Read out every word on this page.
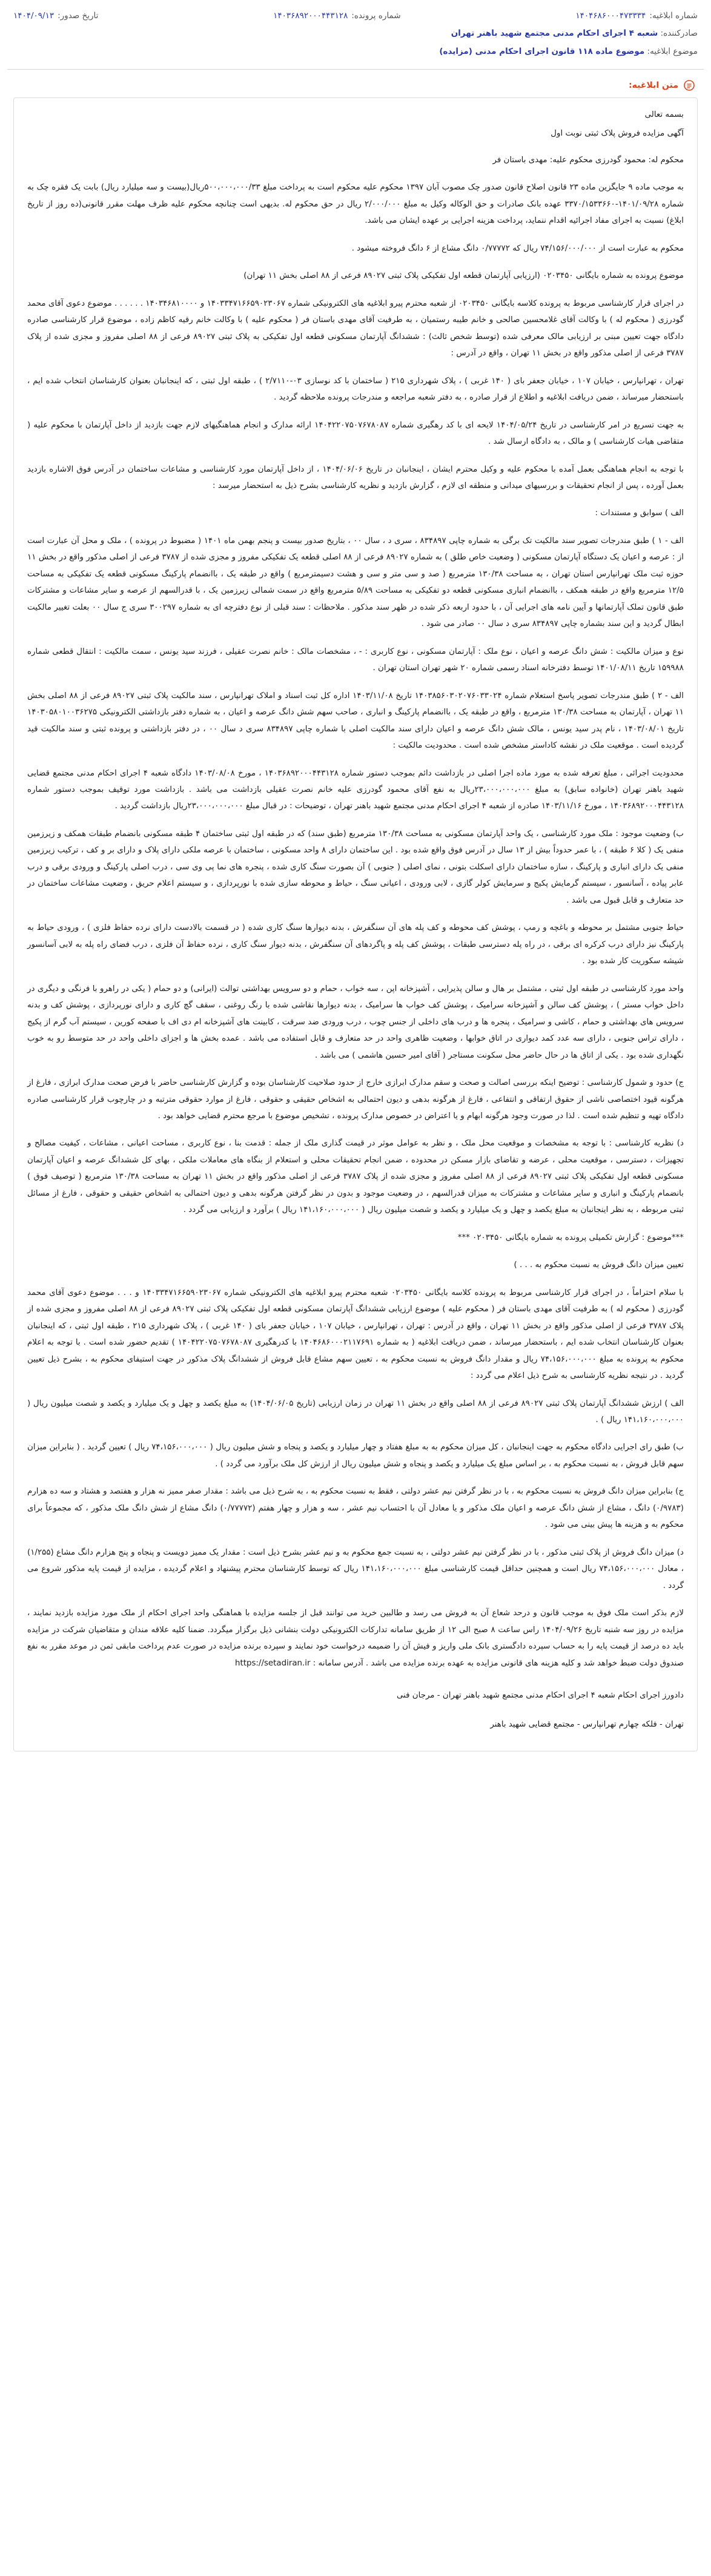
شماره ابلاغیه:
۱۴۰۴۶۸۶۰۰۰۴۷۳۳۳۴
شماره پرونده:
۱۴۰۳۶۸۹۲۰۰۰۴۴۳۱۲۸
تاریخ صدور:
۱۴۰۴/۰۹/۱۳
صادرکننده: شعبه ۴ اجرای احکام مدنی مجتمع شهید باهنر تهران
موضوع ابلاغیه: موضوع ماده ۱۱۸ قانون اجرای احکام مدنی (مزایده)
متن ابلاغیه:

بسمه تعالی

آگهی مزایده فروش پلاک ثبتی نوبت اول

محکوم له: محمود گودرزی محکوم علیه: مهدی باستان فر

به موجب ماده ۹ جایگزین ماده ۲۳ قانون اصلاح قانون صدور چک مصوب آبان ۱۳۹۷ محکوم علیه محکوم است به پرداخت مبلغ ۵۰۰،۰۰۰،۰۰۰/۳۳ریال(بیست و سه میلیارد ریال) بابت یک فقره چک به شماره ۱۴۰۱/۰۹/۲۸-۳۳۷۰/۱۵۳۳۶۶۰ عهده بانک صادرات و حق الوکاله وکیل به مبلغ ۲/۰۰۰/۰۰۰ ریال در حق محکوم له. بدیهی است چنانچه محکوم علیه ظرف مهلت مقرر قانونی(ده روز از تاریخ ابلاغ) نسبت به اجرای مفاد اجرائیه اقدام ننماید، پرداخت هزینه اجرایی بر عهده ایشان می باشد.

محکوم به عبارت است از ۷۴/۱۵۶/۰۰۰/۰۰۰ ریال که ۰/۷۷۷۷۲ دانگ مشاع از ۶ دانگ فروخته میشود .

موضوع پرونده به شماره بایگانی ۰۲۰۳۴۵۰ (ارزیابی آپارتمان قطعه اول تفکیکی پلاک ثبتی ۸۹۰۲۷ فرعی از ۸۸ اصلی بخش ۱۱ تهران)

در اجرای قرار کارشناسی مربوط به پرونده کلاسه بایگانی ۰۲۰۳۴۵۰ از شعبه محترم پیرو ابلاغیه های الکترونیکی شماره ۱۴۰۳۳۴۷۱۶۶۵۹۰۲۳۰۶۷ و ۱۴۰۳۴۶۸۱۰۰۰۰ . . . . . . موضوع دعوی آقای محمد گودرزی ( محکوم له ) با وکالت آقای غلامحسین صالحی و خانم طیبه رستمیان ، به طرفیت آقای مهدی باستان فر ( محکوم علیه ) با وکالت خانم رقیه کاظم زاده ، موضوع قرار کارشناسی صادره دادگاه جهت تعیین مبنی بر ارزیابی مالک معرفی شده (توسط شخص ثالث) : ششدانگ آپارتمان مسکونی قطعه اول تفکیکی به پلاک ثبتی ۸۹۰۲۷ فرعی از ۸۸ اصلی مفروز و مجزی شده از پلاک ۳۷۸۷ فرعی از اصلی مذکور واقع در بخش ۱۱ تهران ، واقع در آدرس :

تهران ، تهرانپارس ، خیابان ۱۰۷ ، خیابان جعفر بای ( ۱۴۰ غربی ) ، پلاک شهرداری ۲۱۵ ( ساختمان با کد نوسازی ۰۳-۲/۷۱۱۰ ) ، طبقه اول ثبتی ، که اینجانبان بعنوان کارشناسان انتخاب شده ایم ، باستحضار میرساند ، ضمن دریافت ابلاغیه و اطلاع از قرار صادره ، به دفتر شعبه مراجعه و مندرجات پرونده ملاحظه گردید .

به جهت تسریع در امر کارشناسی در تاریخ ۱۴۰۴/۰۵/۲۴ لایحه ای با کد رهگیری شماره ۱۴۰۴۲۲۰۷۵۰۷۶۷۸۰۸۷ ارائه مدارک و انجام هماهنگیهای لازم جهت بازدید از داخل آپارتمان با محکوم علیه ( متقاضی هیات کارشناسی ) و مالک ، به دادگاه ارسال شد .

با توجه به انجام هماهنگی بعمل آمده با محکوم علیه و وکیل محترم ایشان ، اینجانبان در تاریخ ۱۴۰۴/۰۶/۰۶ ، از داخل آپارتمان مورد کارشناسی و مشاعات ساختمان در آدرس فوق الاشاره بازدید بعمل آورده ، پس از انجام تحقیقات و بررسیهای میدانی و منطقه ای لازم ، گزارش بازدید و نظریه کارشناسی بشرح ذیل به استحضار میرسد :

الف ) سوابق و مستندات :

الف - ۱ ) طبق مندرجات تصویر سند مالکیت تک برگی به شماره چاپی ۸۳۴۸۹۷ ، سری د ، سال ۰۰ ، بتاریخ صدور بیست و پنجم بهمن ماه ۱۴۰۱ ( مضبوط در پرونده ) ، ملک و محل آن عبارت است از : عرصه و اعیان یک دستگاه آپارتمان مسکونی ( وضعیت خاص طلق ) به شماره ۸۹۰۲۷ فرعی از ۸۸ اصلی قطعه یک تفکیکی مفروز و مجزی شده از ۳۷۸۷ فرعی از اصلی مذکور واقع در بخش ۱۱ حوزه ثبت ملک تهرانپارس استان تهران ، به مساحت ۱۳۰/۳۸ مترمربع ( صد و سی متر و سی و هشت دسیمترمربع ) واقع در طبقه یک ، باانضمام پارکینگ مسکونی قطعه یک تفکیکی به مساحت ۱۲/۵ مترمربع واقع در طبقه همکف ، باانضمام انباری مسکونی قطعه دو تفکیکی به مساحت ۵/۸۹ مترمربع واقع در سمت شمالی زیرزمین یک ، با قدرالسهم از عرصه و سایر مشاعات و مشترکات طبق قانون تملک آپارتمانها و آیین نامه های اجرایی آن ، با حدود اربعه ذکر شده در ظهر سند مذکور . ملاحظات : سند قبلی از نوع دفترچه ای به شماره ۳۰۰۲۹۷ سری ج سال ۰۰ بعلت تغییر مالکیت ابطال گردید و این سند بشماره چاپی ۸۳۴۸۹۷ سری د سال ۰۰ صادر می شود .

نوع و میزان مالکیت : شش دانگ عرصه و اعیان ، نوع ملک : آپارتمان مسکونی ، نوع کاربری : - ، مشخصات مالک : خانم نصرت عقیلی ، فرزند سید یونس ، سمت مالکیت : انتقال قطعی شماره ۱۵۹۹۸۸ تاریخ ۱۴۰۱/۰۸/۱۱ توسط دفترخانه اسناد رسمی شماره ۲۰ شهر تهران استان تهران .

الف - ۲ ) طبق مندرجات تصویر پاسخ استعلام شماره ۱۴۰۳۸۵۶۰۳۰۲۰۷۶۰۳۳۰۲۴ تاریخ ۱۴۰۳/۱۱/۰۸ اداره کل ثبت اسناد و املاک تهرانپارس ، سند مالکیت پلاک ثبتی ۸۹۰۲۷ فرعی از ۸۸ اصلی بخش ۱۱ تهران ، آپارتمان به مساحت ۱۳۰/۳۸ مترمربع ، واقع در طبقه یک ، باانضمام پارکینگ و انباری ، صاحب سهم شش دانگ عرصه و اعیان ، به شماره دفتر بازداشتی الکترونیکی ۱۴۰۳۰۵۸۰۱۰۰۳۶۲۷۵ تاریخ ۱۴۰۳/۰۸/۰۱ ، نام پدر سید یونس ، مالک شش دانگ عرصه و اعیان دارای سند مالکیت اصلی با شماره چاپی ۸۳۴۸۹۷ سری د سال ۰۰ ، در دفتر بازداشتی و پرونده ثبتی و سند مالکیت قید گردیده است . موقعیت ملک در نقشه کاداستر مشخص شده است . محدودیت مالکیت :

محدودیت اجرائی ، مبلغ تعرفه شده به مورد ماده اجرا اصلی در بازداشت دائم بموجب دستور شماره ۱۴۰۳۶۸۹۲۰۰۰۴۴۳۱۲۸ ، مورخ ۱۴۰۳/۰۸/۰۸ دادگاه شعبه ۴ اجرای احکام مدنی مجتمع قضایی شهید باهنر تهران (خانواده سابق) به مبلغ ۲۳،۰۰۰،۰۰۰،۰۰۰ریال به نفع آقای محمود گودرزی علیه خانم نصرت عقیلی بازداشت می باشد . بازداشت مورد توقیف بموجب دستور شماره ۱۴۰۳۶۸۹۲۰۰۰۴۴۳۱۲۸ ، مورخ ۱۴۰۳/۱۱/۱۶ صادره از شعبه ۴ اجرای احکام مدنی مجتمع شهید باهنر تهران ، توضیحات : در قبال مبلغ ۲۳،۰۰۰،۰۰۰،۰۰۰ریال بازداشت گردید .

ب) وضعیت موجود : ملک مورد کارشناسی ، یک واحد آپارتمان مسکونی به مساحت ۱۳۰/۳۸ مترمربع (طبق سند) که در طبقه اول ثبتی ساختمان ۴ طبقه مسکونی بانضمام طبقات همکف و زیرزمین منفی یک ( کلا ۶ طبقه ) ، با عمر حدوداً بیش از ۱۳ سال در آدرس فوق واقع شده بود . این ساختمان دارای ۸ واحد مسکونی ، ساختمان با عرصه ملکی دارای پلاک و دارای بر و کف ، ترکیب زیرزمین منفی یک دارای انباری و پارکینگ ، سازه ساختمان دارای اسکلت بتونی ، نمای اصلی ( جنوبی ) آن بصورت سنگ کاری شده ، پنجره های نما پی وی سی ، درب اصلی پارکینگ و ورودی برقی و درب عابر پیاده ، آسانسور ، سیستم گرمایش پکیج و سرمایش کولر گازی ، لابی ورودی ، اعیانی سنگ ، حیاط و محوطه سازی شده با نورپردازی ، و سیستم اعلام حریق ، وضعیت مشاعات ساختمان در حد متعارف و قابل قبول می باشد .

حیاط جنوبی مشتمل بر محوطه و باغچه و رمپ ، پوشش کف محوطه و کف پله های آن سنگفرش ، بدنه دیوارها سنگ کاری شده ( در قسمت بالادست دارای نرده حفاظ فلزی ) ، ورودی حیاط به پارکینگ نیز دارای درب کرکره ای برقی ، در راه پله دسترسی طبقات ، پوشش کف پله و پاگردهای آن سنگفرش ، بدنه دیوار سنگ کاری ، نرده حفاظ آن فلزی ، درب فضای راه پله به لابی آسانسور شیشه سکوریت کار شده بود .

واحد مورد کارشناسی در طبقه اول ثبتی ، مشتمل بر هال و سالن پذیرایی ، آشپزخانه اپن ، سه خواب ، حمام و دو سرویس بهداشتی توالت (ایرانی) و دو حمام ( یکی در راهرو با فرنگی و دیگری در داخل خواب مستر ) ، پوشش کف سالن و آشپزخانه سرامیک ، پوشش کف خواب ها سرامیک ، بدنه دیوارها نقاشی شده با رنگ روغنی ، سقف گچ کاری و دارای نورپردازی ، پوشش کف و بدنه سرویس های بهداشتی و حمام ، کاشی و سرامیک ، پنجره ها و درب های داخلی از جنس چوب ، درب ورودی ضد سرقت ، کابینت های آشپزخانه ام دی اف با صفحه کورین ، سیستم آب گرم از پکیج ، دارای تراس جنوبی ، دارای سه عدد کمد دیواری در اتاق خوابها ، وضعیت ظاهری واحد در حد متعارف و قابل استفاده می باشد . عمده بخش ها و اجزای داخلی واحد در حد متوسط رو به خوب نگهداری شده بود . یکی از اتاق ها در حال حاضر محل سکونت مستاجر ( آقای امیر حسین هاشمی ) می باشد .

ج) حدود و شمول کارشناسی : توضیح اینکه بررسی اصالت و صحت و سقم مدارک ابرازی خارج از حدود صلاحیت کارشناسان بوده و گزارش کارشناسی حاضر با فرض صحت مدارک ابرازی ، فارغ از هرگونه قیود اختصاصی ناشی از حقوق ارتفاقی و انتفاعی ، فارغ از هرگونه بدهی و دیون احتمالی به اشخاص حقیقی و حقوقی ، فارغ از موارد حقوقی مترتبه و در چارچوب قرار کارشناسی صادره دادگاه تهیه و تنظیم شده است . لذا در صورت وجود هرگونه ابهام و یا اعتراض در خصوص مدارک پرونده ، تشخیص موضوع با مرجع محترم قضایی خواهد بود .

د) نظریه کارشناسی : با توجه به مشخصات و موقعیت محل ملک ، و نظر به عوامل موثر در قیمت گذاری ملک از جمله : قدمت بنا ، نوع کاربری ، مساحت اعیانی ، مشاعات ، کیفیت مصالح و تجهیزات ، دسترسی ، موقعیت محلی ، عرضه و تقاضای بازار مسکن در محدوده ، ضمن انجام تحقیقات محلی و استعلام از بنگاه های معاملات ملکی ، بهای کل ششدانگ عرصه و اعیان آپارتمان مسکونی قطعه اول تفکیکی پلاک ثبتی ۸۹۰۲۷ فرعی از ۸۸ اصلی مفروز و مجزی شده از پلاک ۳۷۸۷ فرعی از اصلی مذکور واقع در بخش ۱۱ تهران به مساحت ۱۳۰/۳۸ مترمربع ( توصیف فوق ) بانضمام پارکینگ و انباری و سایر مشاعات و مشترکات به میزان قدرالسهم ، در وضعیت موجود و بدون در نظر گرفتن هرگونه بدهی و دیون احتمالی به اشخاص حقیقی و حقوقی ، فارغ از مسائل ثبتی مربوطه ، به نظر اینجانبان به مبلغ یکصد و چهل و یک میلیارد و یکصد و شصت میلیون ریال ( ۱۴۱،۱۶۰،۰۰۰،۰۰۰ ریال ) برآورد و ارزیابی می گردد .

***موضوع : گزارش تکمیلی پرونده به شماره بایگانی ۰۲۰۳۴۵۰ ***

تعیین میزان دانگ فروش به نسبت محکوم به . . . )

با سلام احتراماً ، در اجرای قرار کارشناسی مربوط به پرونده کلاسه بایگانی ۰۲۰۳۴۵۰ شعبه محترم پیرو ابلاغیه های الکترونیکی شماره ۱۴۰۳۳۴۷۱۶۶۵۹۰۲۳۰۶۷ و . . . موضوع دعوی آقای محمد گودرزی ( محکوم له ) به طرفیت آقای مهدی باستان فر ( محکوم علیه ) موضوع ارزیابی ششدانگ آپارتمان مسکونی قطعه اول تفکیکی پلاک ثبتی ۸۹۰۲۷ فرعی از ۸۸ اصلی مفروز و مجزی شده از پلاک ۳۷۸۷ فرعی از اصلی مذکور واقع در بخش ۱۱ تهران ، واقع در آدرس : تهران ، تهرانپارس ، خیابان ۱۰۷ ، خیابان جعفر بای ( ۱۴۰ غربی ) ، پلاک شهرداری ۲۱۵ ، طبقه اول ثبتی ، که اینجانبان بعنوان کارشناسان انتخاب شده ایم ، باستحضار میرساند ، ضمن دریافت ابلاغیه ( به شماره ۱۴۰۴۶۸۶۰۰۰۲۱۱۷۶۹۱ با کدرهگیری ۱۴۰۴۲۲۰۷۵۰۷۶۷۸۰۸۷ ) تقدیم حضور شده است . با توجه به اعلام محکوم به پرونده به مبلغ ۷۴،۱۵۶،۰۰۰،۰۰۰ ریال و مقدار دانگ فروش به نسبت محکوم به ، تعیین سهم مشاع قابل فروش از ششدانگ پلاک مذکور در جهت استیفای محکوم به ، بشرح ذیل تعیین گردید . در نتیجه نظریه کارشناسی به شرح ذیل اعلام می گردد :

الف ) ارزش ششدانگ آپارتمان پلاک ثبتی ۸۹۰۲۷ فرعی از ۸۸ اصلی واقع در بخش ۱۱ تهران در زمان ارزیابی (تاریخ ۱۴۰۴/۰۶/۰۵) به مبلغ یکصد و چهل و یک میلیارد و یکصد و شصت میلیون ریال ( ۱۴۱،۱۶۰،۰۰۰،۰۰۰ ریال ) .

ب) طبق رای اجرایی دادگاه محکوم به جهت اینجانبان ، کل میزان محکوم به به مبلغ هفتاد و چهار میلیارد و یکصد و پنجاه و شش میلیون ریال ( ۷۴،۱۵۶،۰۰۰،۰۰۰ ریال ) تعیین گردید . ( بنابراین میزان سهم قابل فروش ، به نسبت محکوم به ، بر اساس مبلغ یک میلیارد و یکصد و پنجاه و شش میلیون ریال از ارزش کل ملک برآورد می گردد ) .

ج) بنابراین میزان دانگ فروش به نسبت محکوم به ، با در نظر گرفتن نیم عشر دولتی ، فقط به نسبت محکوم به ، به شرح ذیل می باشد : مقدار صفر ممیز نه هزار و هفتصد و هشتاد و سه ده هزارم (۰/۹۷۸۳) دانگ ، مشاع از شش دانگ عرصه و اعیان ملک مذکور و یا معادل آن با احتساب نیم عشر ، سه و هزار و چهار هفتم (۰/۷۷۷۷۲) دانگ مشاع از شش دانگ ملک مذکور ، که مجموعاً برای محکوم به و هزینه ها پیش بینی می شود .

د) میزان دانگ فروش از پلاک ثبتی مذکور ، با در نظر گرفتن نیم عشر دولتی ، به نسبت جمع محکوم به و نیم عشر بشرح ذیل است : مقدار یک ممیز دویست و پنجاه و پنج هزارم دانگ مشاع (۱/۲۵۵) ، معادل ۷۴،۱۵۶،۰۰۰،۰۰۰ ریال است و همچنین حداقل قیمت کارشناسی مبلغ ۱۴۱،۱۶۰،۰۰۰،۰۰۰ ریال که توسط کارشناسان محترم پیشنهاد و اعلام گردیده ، مزایده از قیمت پایه مذکور شروع می گردد .

لازم بذکر است ملک فوق به موجب قانون و درحد شعاع آن به فروش می رسد و طالبین خرید می توانند قبل از جلسه مزایده با هماهنگی واحد اجرای احکام از ملک مورد مزایده بازدید نمایند ، مزایده در روز سه شنبه تاریخ ۱۴۰۴/۰۹/۲۶ راس ساعت ۸ صبح الی ۱۲ از طریق سامانه تدارکات الکترونیکی دولت بنشانی ذیل برگزار میگردد. ضمنا کلیه علاقه مندان و متقاضیان شرکت در مزایده باید ده درصد از قیمت پایه را به حساب سپرده دادگستری بانک ملی واریز و فیش آن را ضمیمه درخواست خود نمایند و سپرده برنده مزایده در صورت عدم پرداخت مابقی ثمن در موعد مقرر به نفع صندوق دولت ضبط خواهد شد و کلیه هزینه های قانونی مزایده به عهده برنده مزایده می باشد . آدرس سامانه : https://setadiran.ir

دادورز اجرای احکام شعبه ۴ اجرای احکام مدنی مجتمع شهید باهنر تهران - مرجان فنی

تهران - فلکه چهارم تهرانپارس - مجتمع قضایی شهید باهنر
